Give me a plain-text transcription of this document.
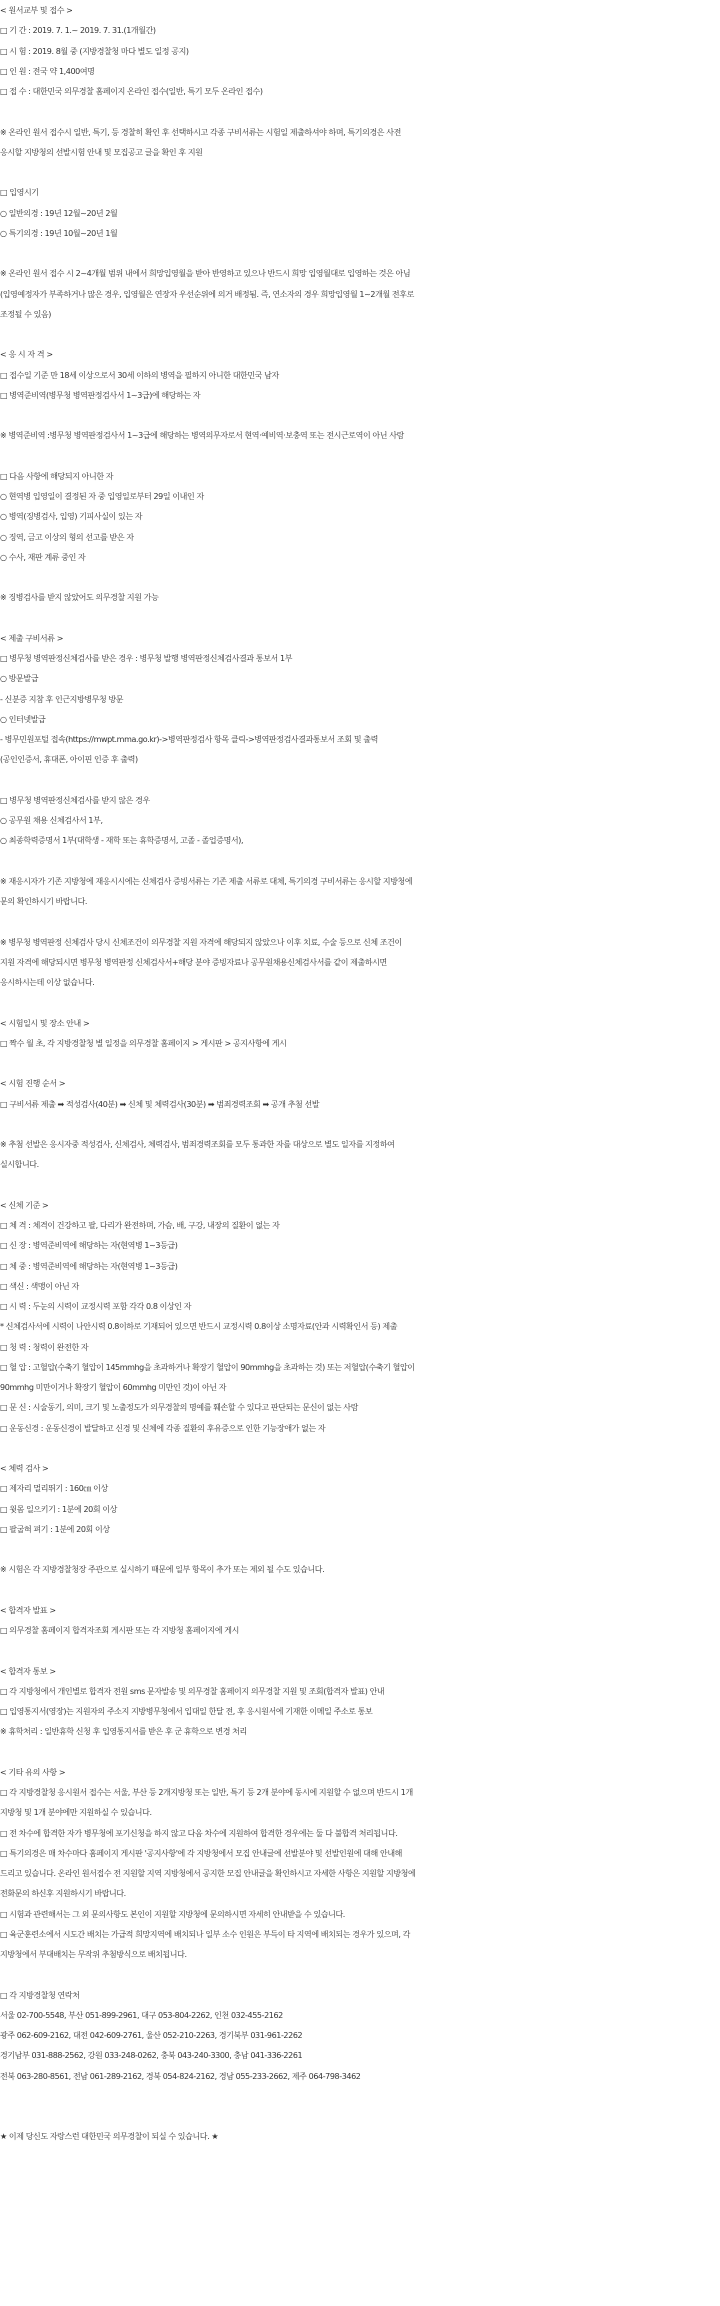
< 원서교부 및 접수 >
□ 기 간 : 2019. 7. 1.~ 2019. 7. 31.(1개월간)
□ 시 험 : 2019. 8월 중 (지방경찰청 마다 별도 일정 공지)
□ 인 원 : 전국 약 1,400여명
□ 접 수 : 대한민국 의무경찰 홈페이지 온라인 접수(일반, 특기 모두 온라인 접수)
※ 온라인 원서 접수시 일반, 특기, 등 경찰히 확인 후 선택하시고 각종 구비서류는 시험일 제출하셔야 하며, 특기의경은 사전
응시할 지방청의 선발시험 안내 및 모집공고 글을 확인 후 지원
□ 입영시기
○ 일반의경 : 19년 12월~20년 2월
○ 특기의경 : 19년 10월~20년 1월
※ 온라인 원서 접수 시 2~4개월 범위 내에서 희망입영월을 받아 반영하고 있으나 반드시 희망 입영월대로 입영하는 것은 아님
(입영예정자가 부족하거나 많은 경우, 입영월은 연장자 우선순위에 의거 배정됨. 즉, 연소자의 경우 희망입영월 1~2개월 전후로
조정될 수 있음)
< 응 시 자 격 >
□ 접수일 기준 만 18세 이상으로서 30세 이하의 병역을 필하지 아니한 대한민국 남자
□ 병역준비역(병무청 병역판정검사서 1~3급)에 해당하는 자
※ 병역준비역 :병무청 병역판정검사서 1~3급에 해당하는 병역의무자로서 현역·예비역·보충역 또는 전시근로역이 아닌 사람
□ 다음 사항에 해당되지 아니한 자
○ 현역병 입영일이 결정된 자 중 입영일로부터 29일 이내인 자
○ 병역(징병검사, 입영) 기피사실이 있는 자
○ 징역, 금고 이상의 형의 선고를 받은 자
○ 수사, 재판 계류 중인 자
※ 징병검사를 받지 않았어도 의무경찰 지원 가능
< 제출 구비서류 >
□ 병무청 병역판정신체검사를 받은 경우 : 병무청 발행 병역판정신체검사결과 통보서 1부
○ 방문발급
- 신분증 지참 후 인근지방병무청 방문
○ 인터넷발급
- 병무민원포털 접속(https://mwpt.mma.go.kr)->병역판정검사 항목 클릭->병역판정검사결과통보서 조회 및 출력
(공인인증서, 휴대폰, 아이핀 인증 후 출력)
□ 병무청 병역판정신체검사를 받지 않은 경우
○ 공무원 채용 신체검사서 1부,
○ 최종학력증명서 1부(대학생 - 재학 또는 휴학증명서, 고졸 - 졸업증명서),
※ 재응시자가 기존 지방청에 재응시시에는 신체검사 증빙서류는 기존 제출 서류로 대체, 특기의경 구비서류는 응시할 지방청에
문의 확인하시기 바랍니다.
※ 병무청 병역판정 신체검사 당시 신체조건이 의무경찰 지원 자격에 해당되지 않았으나 이후 치료, 수술 등으로 신체 조건이
지원 자격에 해당되시면 병무청 병역판정 신체검사서+해당 분야 증빙자료나 공무원채용신체검사서를 같이 제출하시면
응시하시는데 이상 없습니다.
< 시험일시 및 장소 안내 >
□ 짝수 월 초, 각 지방경찰청 별 일정을 의무경찰 홈페이지 > 게시판 > 공지사항에 게시
< 시험 진행 순서 >
□ 구비서류 제출 ➡ 적성검사(40분) ➡ 신체 및 체력검사(30분) ➡ 범죄경력조회 ➡ 공개 추첨 선발
※ 추첨 선발은 응시자중 적성검사, 신체검사, 체력검사, 범죄경력조회를 모두 통과한 자를 대상으로 별도 일자를 지정하여
실시합니다.
< 신체 기준 >
□ 체 격 : 체격이 건강하고 팔, 다리가 완전하며, 가슴, 배, 구강, 내장의 질환이 없는 자
□ 신 장 : 병역준비역에 해당하는 자(현역병 1~3등급)
□ 체 중 : 병역준비역에 해당하는 자(현역병 1~3등급)
□ 색신 : 색맹이 아닌 자
□ 시 력 : 두눈의 시력이 교정시력 포함 각각 0.8 이상인 자
* 신체검사서에 시력이 나안시력 0.8이하로 기재되어 있으면 반드시 교정시력 0.8이상 소명자료(안과 시력확인서 등) 제출
□ 청 력 : 청력이 완전한 자
□ 혈 압 : 고혈압(수축기 혈압이 145mmhg을 초과하거나 확장기 혈압이 90mmhg을 초과하는 것) 또는 저혈압(수축기 혈압이
90mmhg 미만이거나 확장기 혈압이 60mmhg 미만인 것)이 아닌 자
□ 문 신 : 시술동기, 의미, 크기 및 노출정도가 의무경찰의 명예를 훼손할 수 있다고 판단되는 문신이 없는 사람
□ 운동신경 : 운동신경이 발달하고 신경 및 신체에 각종 질환의 후유증으로 인한 기능장애가 없는 자
< 체력 검사 >
□ 제자리 멀리뛰기 : 160㎝ 이상
□ 윗몸 일으키기 : 1분에 20회 이상
□ 팔굽혀 펴기 : 1분에 20회 이상
※ 시험은 각 지방경찰청장 주관으로 실시하기 때문에 일부 항목이 추가 또는 제외 될 수도 있습니다.
< 합격자 발표 >
□ 의무경찰 홈페이지 합격자조회 게시판 또는 각 지방청 홈페이지에 게시
< 합격자 통보 >
□ 각 지방청에서 개인별로 합격자 전원 sms 문자발송 및 의무경찰 홈페이지 의무경찰 지원 및 조회(합격자 발표) 안내
□ 입영통지서(영장)는 지원자의 주소지 지방병무청에서 입대일 한달 전, 후 응시원서에 기재한 이메일 주소로 통보
※ 휴학처리 : 일반휴학 신청 후 입영통지서를 받은 후 군 휴학으로 변경 처리
< 기타 유의 사항 >
□ 각 지방경찰청 응시원서 접수는 서울, 부산 등 2개지방청 또는 일반, 특기 등 2개 분야에 동시에 지원할 수 없으며 반드시 1개
지방청 및 1개 분야에만 지원하실 수 있습니다.
□ 전 차수에 합격한 자가 병무청에 포기신청을 하지 않고 다음 차수에 지원하여 합격한 경우에는 둘 다 불합격 처리됩니다.
□ 특기의경은 매 차수마다 홈페이지 게시판 '공지사항'에 각 지방청에서 모집 안내글에 선발분야 및 선발인원에 대해 안내해
드리고 있습니다. 온라인 원서접수 전 지원할 지역 지방청에서 공지한 모집 안내글을 확인하시고 자세한 사항은 지원할 지방청에
전화문의 하신후 지원하시기 바랍니다.
□ 시험과 관련해서는 그 외 문의사항도 본인이 지원할 지방청에 문의하시면 자세히 안내받을 수 있습니다.
□ 육군훈련소에서 시도간 배치는 가급적 희망지역에 배치되나 일부 소수 인원은 부득이 타 지역에 배치되는 경우가 있으며, 각
지방청에서 부대배치는 무작위 추첨방식으로 배치됩니다.
□ 각 지방경찰청 연락처
서울 02-700-5548, 부산 051-899-2961, 대구 053-804-2262, 인천 032-455-2162
광주 062-609-2162, 대전 042-609-2761, 울산 052-210-2263, 경기북부 031-961-2262
경기남부 031-888-2562, 강원 033-248-0262, 충북 043-240-3300, 충남 041-336-2261
전북 063-280-8561, 전남 061-289-2162, 경북 054-824-2162, 경남 055-233-2662, 제주 064-798-3462
★ 이제 당신도 자랑스런 대한민국 의무경찰이 되실 수 있습니다. ★
